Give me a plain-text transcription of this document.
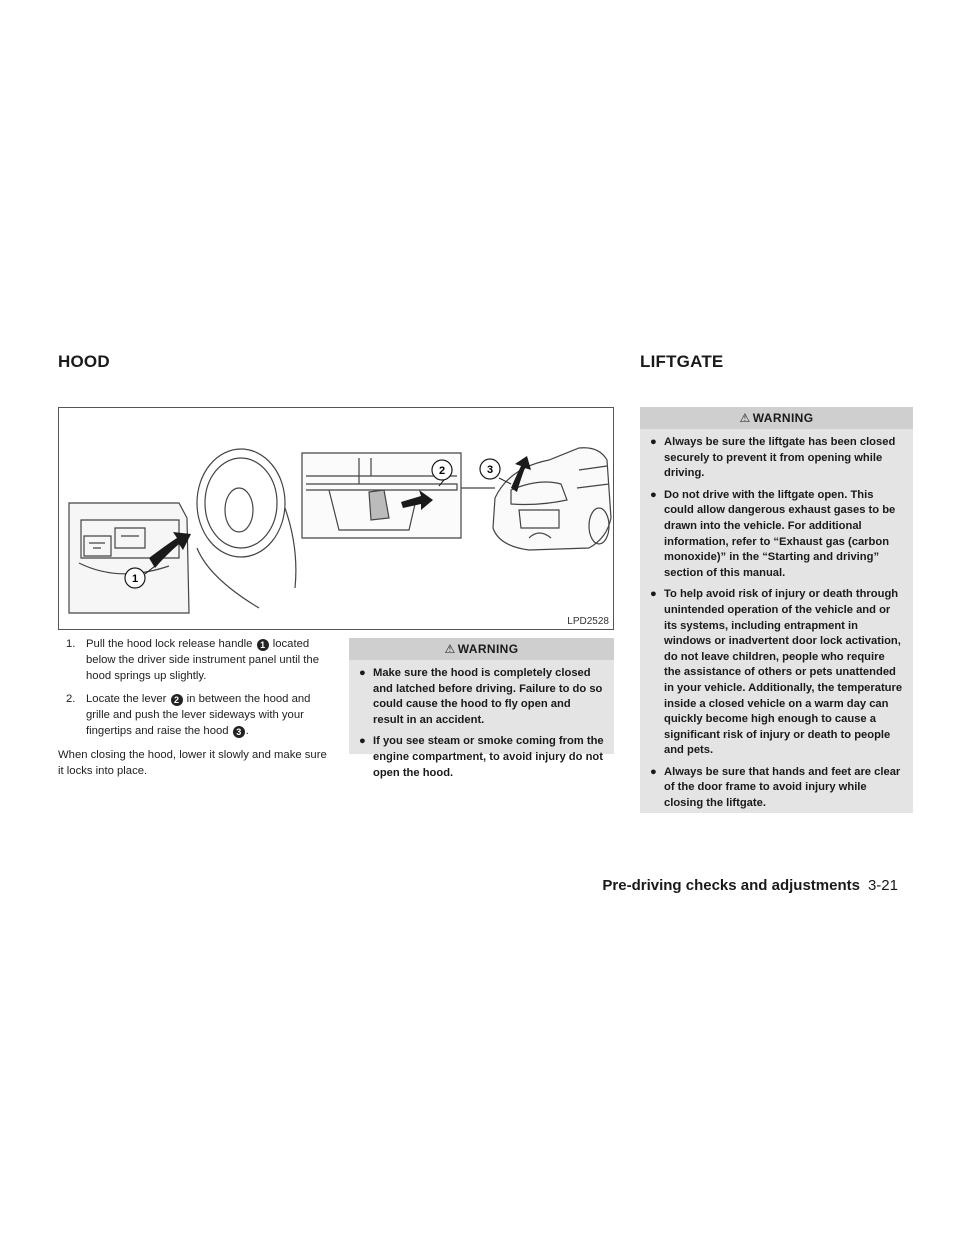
HOOD	LIFTGATE
1
2	3
LPD2528
1. Pull the hood lock release handle 1 located below the driver side instrument panel until the hood springs up slightly.
2. Locate the lever 2 in between the hood and grille and push the lever sideways with your fingertips and raise the hood 3 .
When closing the hood, lower it slowly and make sure it locks into place.
⚠ WARNING
● Make sure the hood is completely closed and latched before driving. Failure to do so could cause the hood to fly open and result in an accident.
● If you see steam or smoke coming from the engine compartment, to avoid injury do not open the hood.
⚠ WARNING
● Always be sure the liftgate has been closed securely to prevent it from opening while driving.
● Do not drive with the liftgate open. This could allow dangerous exhaust gases to be drawn into the vehicle. For additional information, refer to “Exhaust gas (carbon monoxide)” in the “Starting and driving” section of this manual.
● To help avoid risk of injury or death through unintended operation of the vehicle and or its systems, including entrapment in windows or inadvertent door lock activation, do not leave children, people who require the assistance of others or pets unattended in your vehicle. Additionally, the temperature inside a closed vehicle on a warm day can quickly become high enough to cause a significant risk of injury or death to people and pets.
● Always be sure that hands and feet are clear of the door frame to avoid injury while closing the liftgate.
Pre-driving checks and adjustments 3-21
